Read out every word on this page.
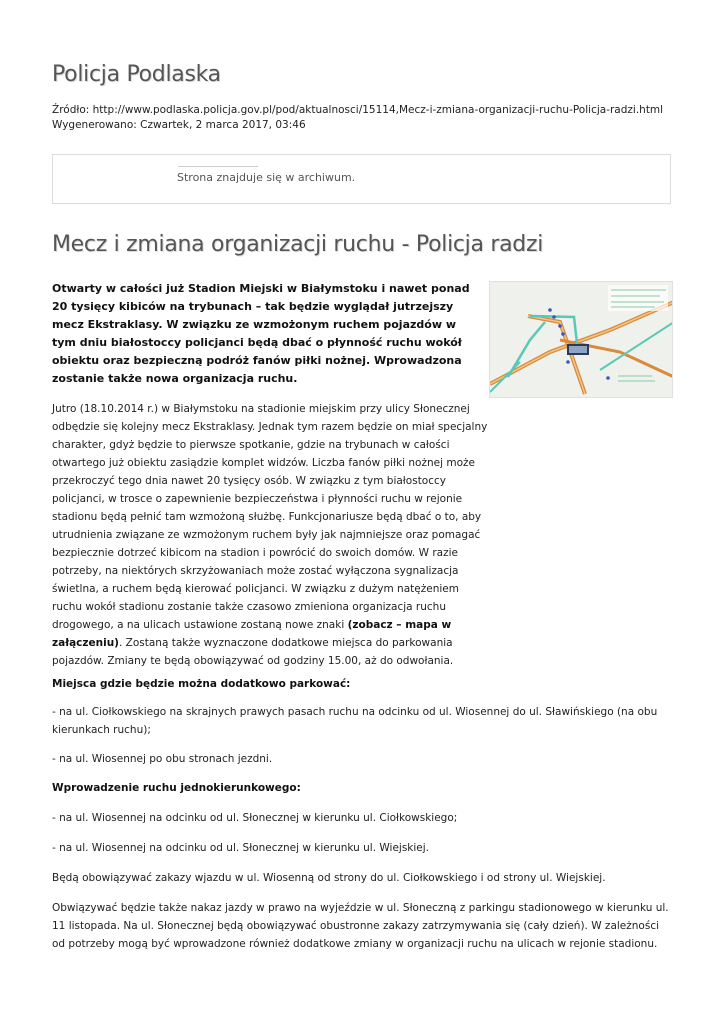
Policja Podlaska
Źródło: http://www.podlaska.policja.gov.pl/pod/aktualnosci/15114,Mecz-i-zmiana-organizacji-ruchu-Policja-radzi.html
Wygenerowano: Czwartek, 2 marca 2017, 03:46
Strona znajduje się w archiwum.
Mecz i zmiana organizacji ruchu - Policja radzi

Otwarty w całości już Stadion Miejski w Białymstoku i nawet ponad 20 tysięcy kibiców na trybunach – tak będzie wyglądał jutrzejszy mecz Ekstraklasy. W związku ze wzmożonym ruchem pojazdów w tym dniu białostoccy policjanci będą dbać o płynność ruchu wokół obiektu oraz bezpieczną podróż fanów piłki nożnej. Wprowadzona zostanie także nowa organizacja ruchu.

Jutro (18.10.2014 r.) w Białymstoku na stadionie miejskim przy ulicy Słonecznej odbędzie się kolejny mecz Ekstraklasy. Jednak tym razem będzie on miał specjalny charakter, gdyż będzie to pierwsze spotkanie, gdzie na trybunach w całości otwartego już obiektu zasiądzie komplet widzów. Liczba fanów piłki nożnej może przekroczyć tego dnia nawet 20 tysięcy osób. W związku z tym białostoccy policjanci, w trosce o zapewnienie bezpieczeństwa i płynności ruchu w rejonie stadionu będą pełnić tam wzmożoną służbę. Funkcjonariusze będą dbać o to, aby utrudnienia związane ze wzmożonym ruchem były jak najmniejsze oraz pomagać bezpiecznie dotrzeć kibicom na stadion i powrócić do swoich domów. W razie potrzeby, na niektórych skrzyżowaniach może zostać wyłączona sygnalizacja świetlna, a ruchem będą kierować policjanci. W związku z dużym natężeniem ruchu wokół stadionu zostanie także czasowo zmieniona organizacja ruchu drogowego, a na ulicach ustawione zostaną nowe znaki (zobacz – mapa w załączeniu). Zostaną także wyznaczone dodatkowe miejsca do parkowania pojazdów. Zmiany te będą obowiązywać od godziny 15.00, aż do odwołania.

Miejsca gdzie będzie można dodatkowo parkować:

- na ul. Ciołkowskiego na skrajnych prawych pasach ruchu na odcinku od ul. Wiosennej do ul. Sławińskiego (na obu kierunkach ruchu);

- na ul. Wiosennej po obu stronach jezdni.

Wprowadzenie ruchu jednokierunkowego:

- na ul. Wiosennej na odcinku od ul. Słonecznej w kierunku ul. Ciołkowskiego;

- na ul. Wiosennej na odcinku od ul. Słonecznej w kierunku ul. Wiejskiej.

Będą obowiązywać zakazy wjazdu w ul. Wiosenną od strony do ul. Ciołkowskiego i od strony ul. Wiejskiej.

Obwiązywać będzie także nakaz jazdy w prawo na wyjeździe w ul. Słoneczną z parkingu stadionowego w kierunku ul. 11 listopada. Na ul. Słonecznej będą obowiązywać obustronne zakazy zatrzymywania się (cały dzień). W zależności od potrzeby mogą być wprowadzone również dodatkowe zmiany w organizacji ruchu na ulicach w rejonie stadionu.
